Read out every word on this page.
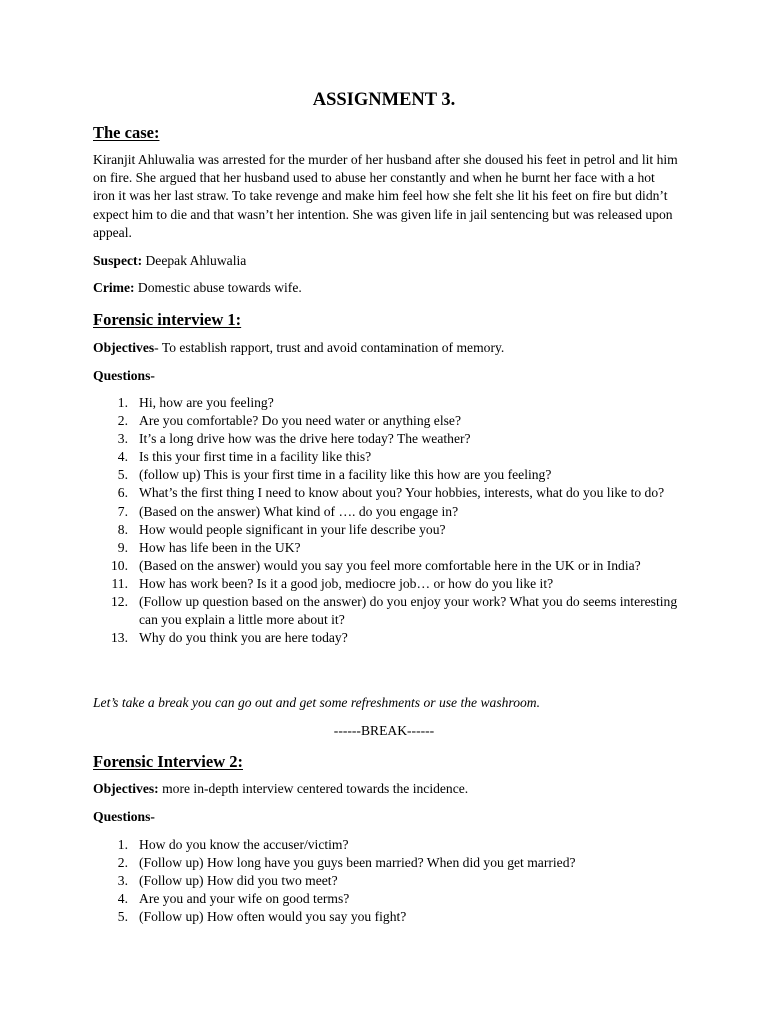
ASSIGNMENT 3.
The case:
Kiranjit Ahluwalia was arrested for the murder of her husband after she doused his feet in petrol and lit him on fire. She argued that her husband used to abuse her constantly and when he burnt her face with a hot iron it was her last straw. To take revenge and make him feel how she felt she lit his feet on fire but didn’t expect him to die and that wasn’t her intention. She was given life in jail sentencing but was released upon appeal.
Suspect: Deepak Ahluwalia
Crime: Domestic abuse towards wife.
Forensic interview 1:
Objectives- To establish rapport, trust and avoid contamination of memory.
Questions-
1. Hi, how are you feeling?
2. Are you comfortable? Do you need water or anything else?
3. It’s a long drive how was the drive here today? The weather?
4. Is this your first time in a facility like this?
5. (follow up) This is your first time in a facility like this how are you feeling?
6. What’s the first thing I need to know about you? Your hobbies, interests, what do you like to do?
7. (Based on the answer) What kind of …. do you engage in?
8. How would people significant in your life describe you?
9. How has life been in the UK?
10. (Based on the answer) would you say you feel more comfortable here in the UK or in India?
11. How has work been? Is it a good job, mediocre job… or how do you like it?
12. (Follow up question based on the answer) do you enjoy your work? What you do seems interesting can you explain a little more about it?
13. Why do you think you are here today?
Let’s take a break you can go out and get some refreshments or use the washroom.
------BREAK------
Forensic Interview 2:
Objectives: more in-depth interview centered towards the incidence.
Questions-
1. How do you know the accuser/victim?
2. (Follow up) How long have you guys been married? When did you get married?
3. (Follow up) How did you two meet?
4. Are you and your wife on good terms?
5. (Follow up) How often would you say you fight?
